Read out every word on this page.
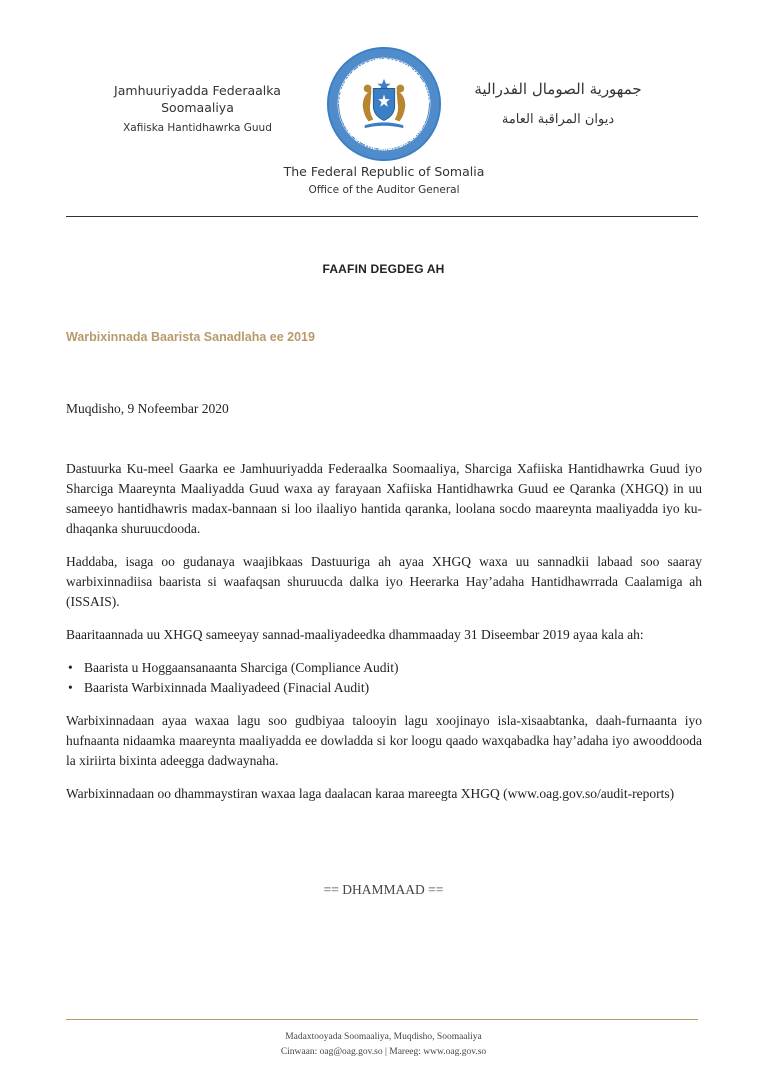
Jamhuuriyadda Federaalka
Soomaaliya
Xafiiska Hantidhawrka Guud
XAFIISKA HANTIDHAWRKA GUUD
OFFICE OF THE AUDITOR GENERAL
جمهورية الصومال الفدرالية
ديوان المراقبة العامة
The Federal Republic of Somalia
Office of the Auditor General
FAAFIN DEGDEG AH
Warbixinnada Baarista Sanadlaha ee 2019
Muqdisho, 9 Nofeembar 2020

Dastuurka Ku-meel Gaarka ee Jamhuuriyadda Federaalka Soomaaliya, Sharciga Xafiiska Hantidhawrka Guud iyo Sharciga Maareynta Maaliyadda Guud waxa ay farayaan Xafiiska Hantidhawrka Guud ee Qaranka (XHGQ) in uu sameeyo hantidhawris madax-bannaan si loo ilaaliyo hantida qaranka, loolana socdo maareynta maaliyadda iyo ku-dhaqanka shuruucdooda.

Haddaba, isaga oo gudanaya waajibkaas Dastuuriga ah ayaa XHGQ waxa uu sannadkii labaad soo saaray warbixinnadiisa baarista si waafaqsan shuruucda dalka iyo Heerarka Hay’adaha Hantidhawrrada Caalamiga ah (ISSAIS).

Baaritaannada uu XHGQ sameeyay sannad-maaliyadeedka dhammaaday 31 Diseembar 2019 ayaa kala ah:

• Baarista u Hoggaansanaanta Sharciga (Compliance Audit)
• Baarista Warbixinnada Maaliyadeed (Finacial Audit)

Warbixinnadaan ayaa waxaa lagu soo gudbiyaa talooyin lagu xoojinayo isla-xisaabtanka, daah-furnaanta iyo hufnaanta nidaamka maareynta maaliyadda ee dowladda si kor loogu qaado waxqabadka hay’adaha iyo awooddooda la xiriirta bixinta adeegga dadwaynaha.

Warbixinnadaan oo dhammaystiran waxaa laga daalacan karaa mareegta XHGQ (www.oag.gov.so/audit-reports)

== DHAMMAAD ==
Madaxtooyada Soomaaliya, Muqdisho, Soomaaliya
Cinwaan: oag@oag.gov.so | Mareeg: www.oag.gov.so
